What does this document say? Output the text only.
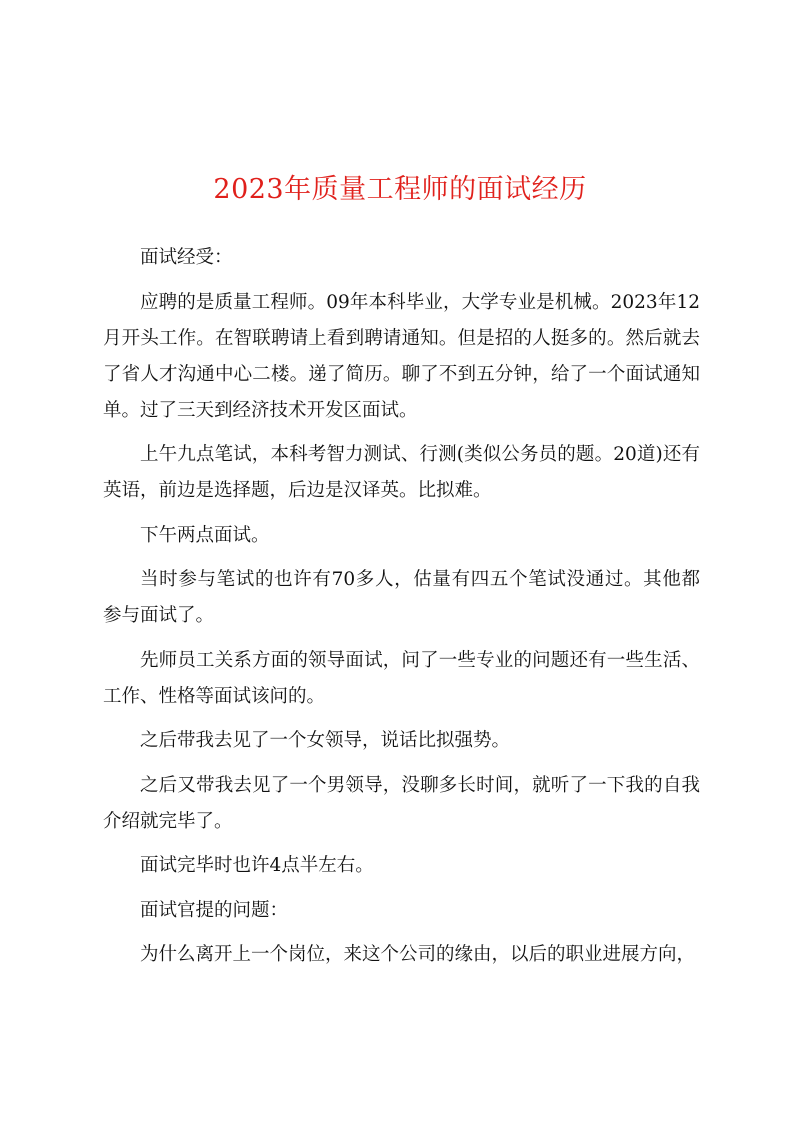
2023年质量工程师的面试经历

面试经受：

应聘的是质量工程师。09年本科毕业，大学专业是机械。2023年12月开头工作。在智联聘请上看到聘请通知。但是招的人挺多的。然后就去了省人才沟通中心二楼。递了简历。聊了不到五分钟，给了一个面试通知单。过了三天到经济技术开发区面试。

上午九点笔试，本科考智力测试、行测(类似公务员的题。20道)还有英语，前边是选择题，后边是汉译英。比拟难。

下午两点面试。

当时参与笔试的也许有70多人，估量有四五个笔试没通过。其他都参与面试了。

先师员工关系方面的领导面试，问了一些专业的问题还有一些生活、工作、性格等面试该问的。

之后带我去见了一个女领导，说话比拟强势。

之后又带我去见了一个男领导，没聊多长时间，就听了一下我的自我介绍就完毕了。

面试完毕时也许4点半左右。

面试官提的问题：

为什么离开上一个岗位，来这个公司的缘由，以后的职业进展方向，
